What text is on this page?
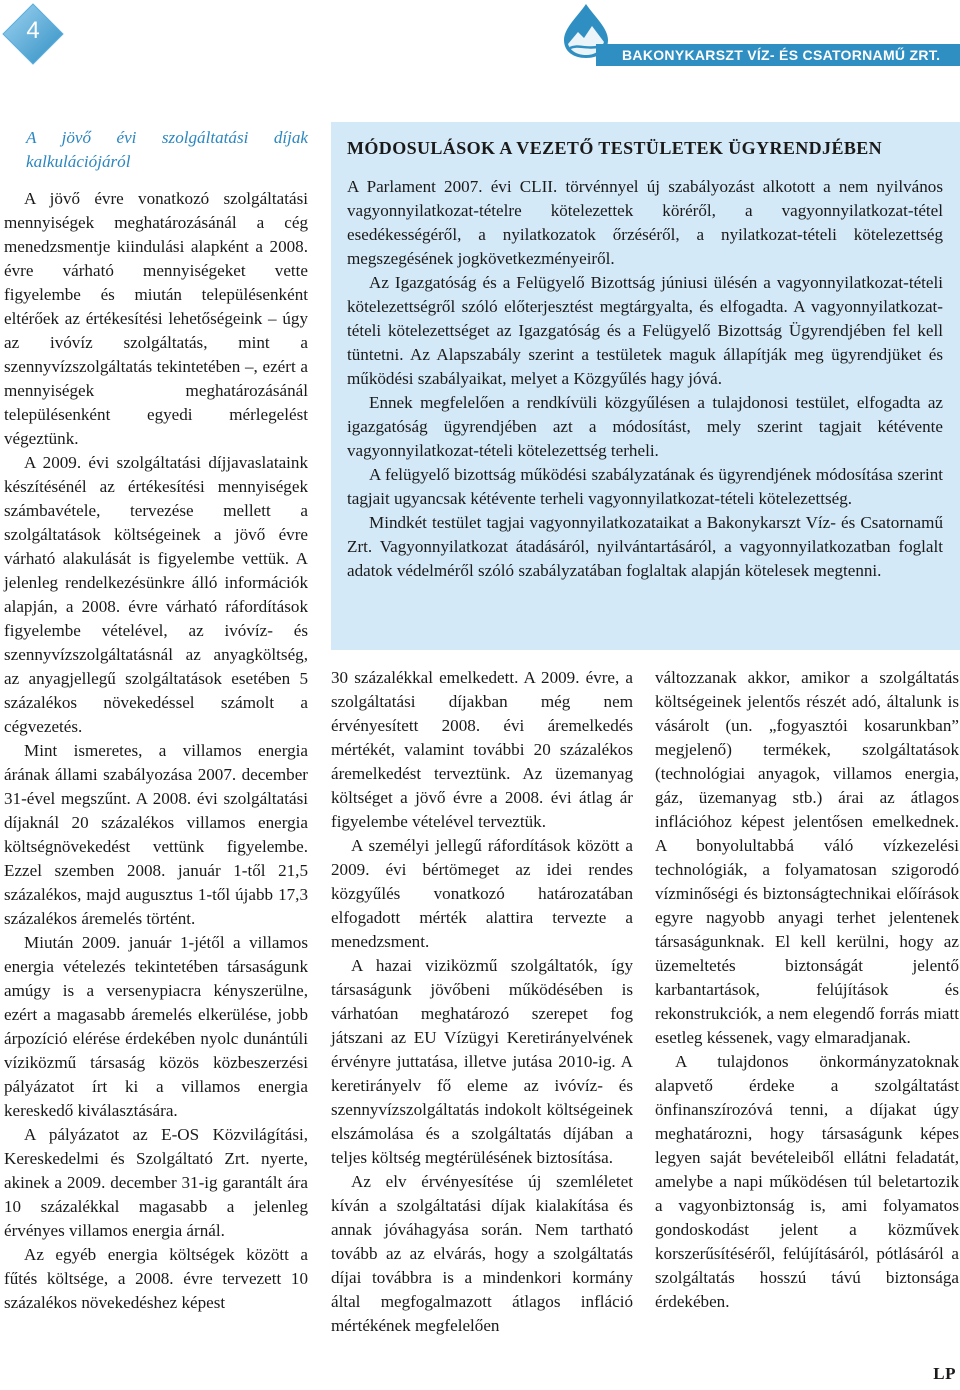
4
BAKONYKARSZT VÍZ- ÉS CSATORNAMŰ ZRT.
A jövő évi szolgáltatási díjak kalkulációjáról

A jövő évre vonatkozó szolgáltatási mennyiségek meghatározásánál a cég menedzsmentje kiindulási alapként a 2008. évre várható mennyiségeket vette figyelembe és miután településenként eltérőek az értékesítési lehetőségeink – úgy az ivóvíz szolgáltatás, mint a szennyvízszolgáltatás tekintetében –, ezért a mennyiségek meghatározásánál településenként egyedi mérlegelést végeztünk.

A 2009. évi szolgáltatási díjjavaslataink készítésénél az értékesítési mennyiségek számbavétele, tervezése mellett a szolgáltatások költségeinek a jövő évre várható alakulását is figyelembe vettük. A jelenleg rendelkezésünkre álló információk alapján, a 2008. évre várható ráfordítások figyelembe vételével, az ivóvíz- és szennyvízszolgáltatásnál az anyagköltség, az anyagjellegű szolgáltatások esetében 5 százalékos növekedéssel számolt a cégvezetés.

Mint ismeretes, a villamos energia árának állami szabályozása 2007. december 31-ével megszűnt. A 2008. évi szolgáltatási díjaknál 20 százalékos villamos energia költségnövekedést vettünk figyelembe. Ezzel szemben 2008. január 1-től 21,5 százalékos, majd augusztus 1-től újabb 17,3 százalékos áremelés történt.

Miután 2009. január 1-jétől a villamos energia vételezés tekintetében társaságunk amúgy is a versenypiacra kényszerülne, ezért a magasabb áremelés elkerülése, jobb árpozíció elérése érdekében nyolc dunántúli víziközmű társaság közös közbeszerzési pályázatot írt ki a villamos energia kereskedő kiválasztására.

A pályázatot az E-OS Közvilágítási, Kereskedelmi és Szolgáltató Zrt. nyerte, akinek a 2009. december 31-ig garantált ára 10 százalékkal magasabb a jelenleg érvényes villamos energia árnál.

Az egyéb energia költségek között a fűtés költsége, a 2008. évre tervezett 10 százalékos növekedéshez képest

MÓDOSULÁSOK A VEZETŐ TESTÜLETEK ÜGYRENDJÉBEN

A Parlament 2007. évi CLII. törvénnyel új szabályozást alkotott a nem nyilvános vagyonnyilatkozat-tételre kötelezettek köréről, a vagyonnyilatkozat-tétel esedékességéről, a nyilatkozatok őrzéséről, a nyilatkozat-tételi kötelezettség megszegésének jogkövetkezményeiről.

Az Igazgatóság és a Felügyelő Bizottság júniusi ülésén a vagyonnyilatkozat-tételi kötelezettségről szóló előterjesztést megtárgyalta, és elfogadta. A vagyonnyilatkozat- tételi kötelezettséget az Igazgatóság és a Felügyelő Bizottság Ügyrendjében fel kell tüntetni. Az Alapszabály szerint a testületek maguk állapítják meg ügyrendjüket és működési szabályaikat, melyet a Közgyűlés hagy jóvá.

Ennek megfelelően a rendkívüli közgyűlésen a tulajdonosi testület, elfogadta az igazgatóság ügyrendjében azt a módosítást, mely szerint tagjait kétévente vagyonnyilatkozat-tételi kötelezettség terheli.

A felügyelő bizottság működési szabályzatának és ügyrendjének módosítása szerint tagjait ugyancsak kétévente terheli vagyonnyilatkozat-tételi kötelezettség.

Mindkét testület tagjai vagyonnyilatkozataikat a Bakonykarszt Víz- és Csatornamű Zrt. Vagyonnyilatkozat átadásáról, nyilvántartásáról, a vagyonnyilatkozatban foglalt adatok védelméről szóló szabályzatában foglaltak alapján kötelesek megtenni.

30 százalékkal emelkedett. A 2009. évre, a szolgáltatási díjakban még nem érvényesített 2008. évi áremelkedés mértékét, valamint további 20 százalékos áremelkedést terveztünk. Az üzemanyag költséget a jövő évre a 2008. évi átlag ár figyelembe vételével terveztük.

A személyi jellegű ráfordítások között a 2009. évi bértömeget az idei rendes közgyűlés vonatkozó határozatában elfogadott mérték alattira tervezte a menedzsment.

A hazai viziközmű szolgáltatók, így társaságunk jövőbeni működésében is várhatóan meghatározó szerepet fog játszani az EU Vízügyi Keretirányelvének érvényre juttatása, illetve jutása 2010-ig. A keretirányelv fő eleme az ivóvíz- és szennyvízszolgáltatás indokolt költségeinek elszámolása és a szolgáltatás díjában a teljes költség megtérülésének biztosítása.

Az elv érvényesítése új szemléletet kíván a szolgáltatási díjak kialakítása és annak jóváhagyása során. Nem tartható tovább az az elvárás, hogy a szolgáltatás díjai továbbra is a mindenkori kormány által megfogalmazott átlagos infláció mértékének megfelelően

változzanak akkor, amikor a szolgáltatás költségeinek jelentős részét adó, általunk is vásárolt (un. „fogyasztói kosarunkban” megjelenő) termékek, szolgáltatások (technológiai anyagok, villamos energia, gáz, üzemanyag stb.) árai az átlagos inflációhoz képest jelentősen emelkednek. A bonyolultabbá váló vízkezelési technológiák, a folyamatosan szigorodó vízminőségi és biztonságtechnikai előírások egyre nagyobb anyagi terhet jelentenek társaságunknak. El kell kerülni, hogy az üzemeltetés biztonságát jelentő karbantartások, felújítások és rekonstrukciók, a nem elegendő forrás miatt esetleg késsenek, vagy elmaradjanak.

A tulajdonos önkormányzatoknak alapvető érdeke a szolgáltatást önfinanszírozóvá tenni, a díjakat úgy meghatározni, hogy társaságunk képes legyen saját bevételeiből ellátni feladatát, amelybe a napi működésen túl beletartozik a vagyonbiztonság is, ami folyamatos gondoskodást jelent a közművek korszerűsítéséről, felújításáról, pótlásáról a szolgáltatás hosszú távú biztonsága érdekében.

LP
